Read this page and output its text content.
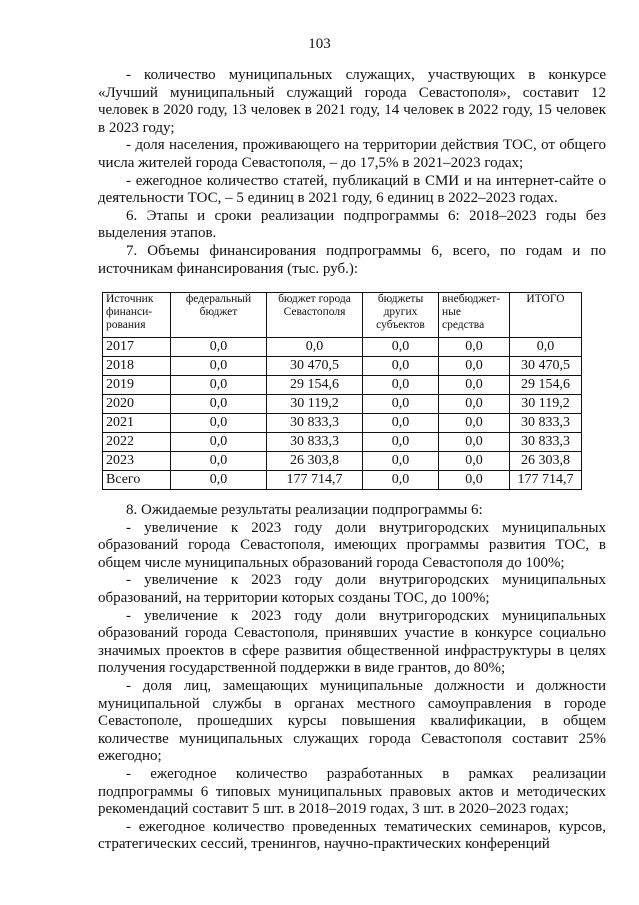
103

- количество муниципальных служащих, участвующих в конкурсе «Лучший муниципальный служащий города Севастополя», составит 12 человек в 2020 году, 13 человек в 2021 году, 14 человек в 2022 году, 15 человек в 2023 году;

- доля населения, проживающего на территории действия ТОС, от общего числа жителей города Севастополя, – до 17,5% в 2021–2023 годах;

- ежегодное количество статей, публикаций в СМИ и на интернет-сайте о деятельности ТОС, – 5 единиц в 2021 году, 6 единиц в 2022–2023 годах.

6. Этапы и сроки реализации подпрограммы 6: 2018–2023 годы без выделения этапов.

7. Объемы финансирования подпрограммы 6, всего, по годам и по источникам финансирования (тыс. руб.):

Источник финанси-рования	федеральный бюджет	бюджет города Севастополя	бюджеты других субъектов	внебюджет-ные средства	ИТОГО
2017	0,0	0,0	0,0	0,0	0,0
2018	0,0	30 470,5	0,0	0,0	30 470,5
2019	0,0	29 154,6	0,0	0,0	29 154,6
2020	0,0	30 119,2	0,0	0,0	30 119,2
2021	0,0	30 833,3	0,0	0,0	30 833,3
2022	0,0	30 833,3	0,0	0,0	30 833,3
2023	0,0	26 303,8	0,0	0,0	26 303,8
Всего	0,0	177 714,7	0,0	0,0	177 714,7

8. Ожидаемые результаты реализации подпрограммы 6:

- увеличение к 2023 году доли внутригородских муниципальных образований города Севастополя, имеющих программы развития ТОС, в общем числе муниципальных образований города Севастополя до 100%;

- увеличение к 2023 году доли внутригородских муниципальных образований, на территории которых созданы ТОС, до 100%;

- увеличение к 2023 году доли внутригородских муниципальных образований города Севастополя, принявших участие в конкурсе социально значимых проектов в сфере развития общественной инфраструктуры в целях получения государственной поддержки в виде грантов, до 80%;

- доля лиц, замещающих муниципальные должности и должности муниципальной службы в органах местного самоуправления в городе Севастополе, прошедших курсы повышения квалификации, в общем количестве муниципальных служащих города Севастополя составит 25% ежегодно;

- ежегодное количество разработанных в рамках реализации подпрограммы 6 типовых муниципальных правовых актов и методических рекомендаций составит 5 шт. в 2018–2019 годах, 3 шт. в 2020–2023 годах;

- ежегодное количество проведенных тематических семинаров, курсов, стратегических сессий, тренингов, научно-практических конференций
